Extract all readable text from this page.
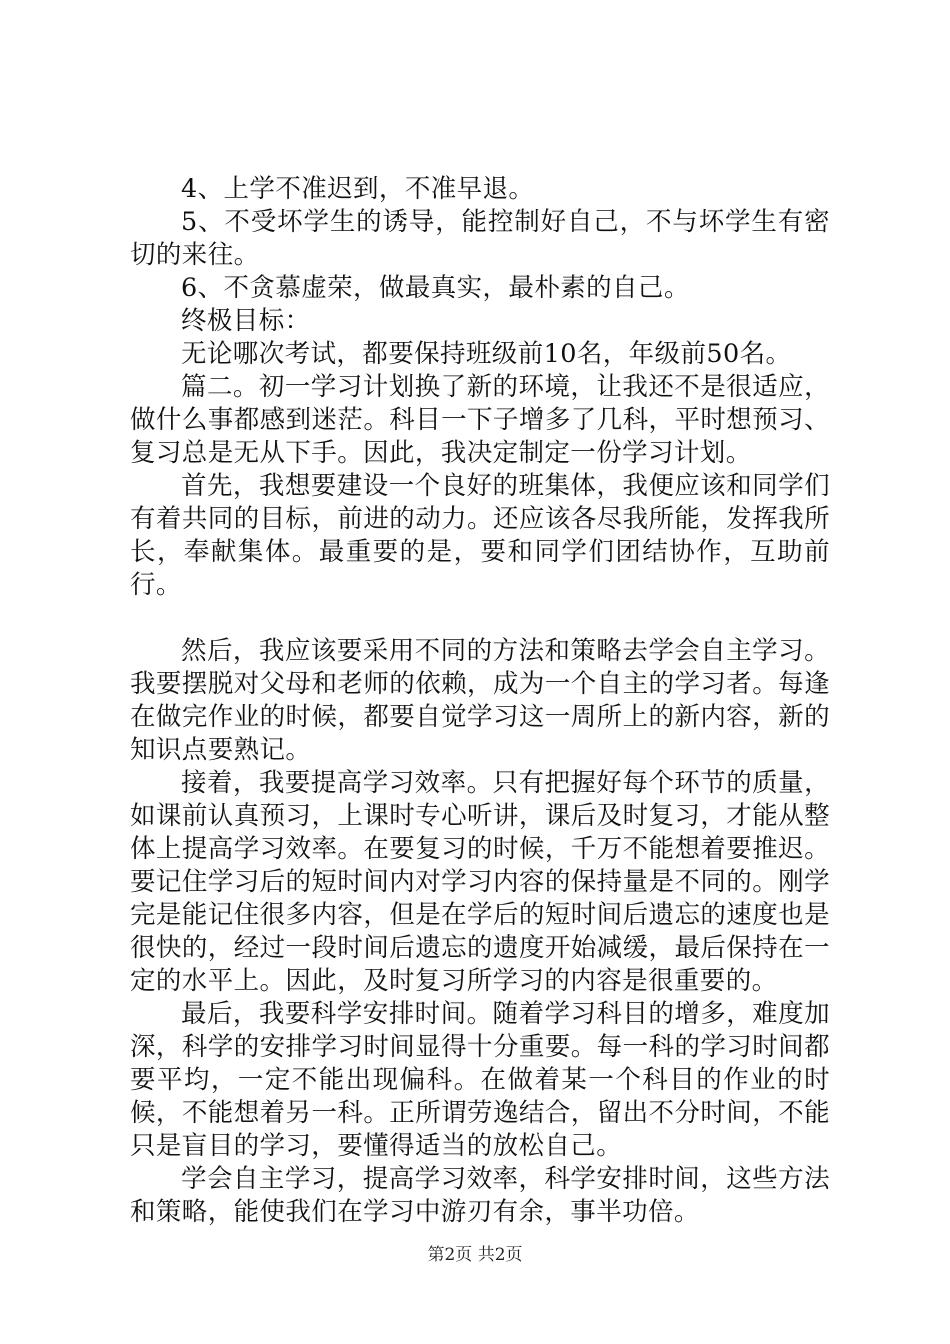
4、上学不准迟到，不准早退。

5、不受坏学生的诱导，能控制好自己，不与坏学生有密切的来往。

6、不贪慕虚荣，做最真实，最朴素的自己。

终极目标：

无论哪次考试，都要保持班级前10名，年级前50名。

篇二。初一学习计划换了新的环境，让我还不是很适应，做什么事都感到迷茫。科目一下子增多了几科，平时想预习、复习总是无从下手。因此，我决定制定一份学习计划。

首先，我想要建设一个良好的班集体，我便应该和同学们有着共同的目标，前进的动力。还应该各尽我所能，发挥我所长，奉献集体。最重要的是，要和同学们团结协作，互助前行。

然后，我应该要采用不同的方法和策略去学会自主学习。我要摆脱对父母和老师的依赖，成为一个自主的学习者。每逢在做完作业的时候，都要自觉学习这一周所上的新内容，新的知识点要熟记。

接着，我要提高学习效率。只有把握好每个环节的质量，如课前认真预习，上课时专心听讲，课后及时复习，才能从整体上提高学习效率。在要复习的时候，千万不能想着要推迟。要记住学习后的短时间内对学习内容的保持量是不同的。刚学完是能记住很多内容，但是在学后的短时间后遗忘的速度也是很快的，经过一段时间后遗忘的遗度开始减缓，最后保持在一定的水平上。因此，及时复习所学习的内容是很重要的。

最后，我要科学安排时间。随着学习科目的增多，难度加深，科学的安排学习时间显得十分重要。每一科的学习时间都要平均，一定不能出现偏科。在做着某一个科目的作业的时候，不能想着另一科。正所谓劳逸结合，留出不分时间，不能只是盲目的学习，要懂得适当的放松自己。

学会自主学习，提高学习效率，科学安排时间，这些方法和策略，能使我们在学习中游刃有余，事半功倍。

第2页 共2页
